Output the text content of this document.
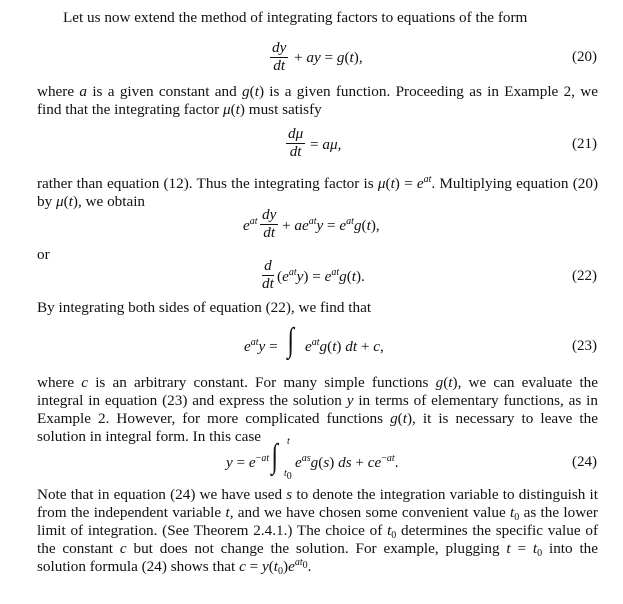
Let us now extend the method of integrating factors to equations of the form

dy
dt + ay = g(t),	(20)

where a is a given constant and g(t) is a given function. Proceeding as in Example 2, we find that the integrating factor μ(t) must satisfy

dμ
dt = aμ,	(21)

rather than equation (12). Thus the integrating factor is $\mu(t) = e^{at}$. Multiplying equation (20) by μ(t), we obtain

$e^{at}$ dy
dt + $ae^{at}y = e^{at}g(t)$,

or

d
dt $(e^{at}y) = e^{at}g(t)$.	(22)

By integrating both sides of equation (22), we find that

$e^{at}y$ = ∫ $e^{at}g(t)$ dt + c,	(23)

where c is an arbitrary constant. For many simple functions g(t), we can evaluate the integral in equation (23) and express the solution y in terms of elementary functions, as in Example 2. However, for more complicated functions g(t), it is necessary to leave the solution in integral form. In this case

$y = e^{-at}$
t
∫ $t_0$
$e^{as}g(s)$ ds + $ce^{-at}$.	(24)

Note that in equation (24) we have used s to denote the integration variable to distinguish it from the independent variable t, and we have chosen some convenient value $t_0$ as the lower limit of integration. (See Theorem 2.4.1.) The choice of $t_0$ determines the specific value of the constant c but does not change the solution. For example, plugging $t = t_0$ into the solution formula (24) shows that $c = y(t_0)e^{at_0}$.
